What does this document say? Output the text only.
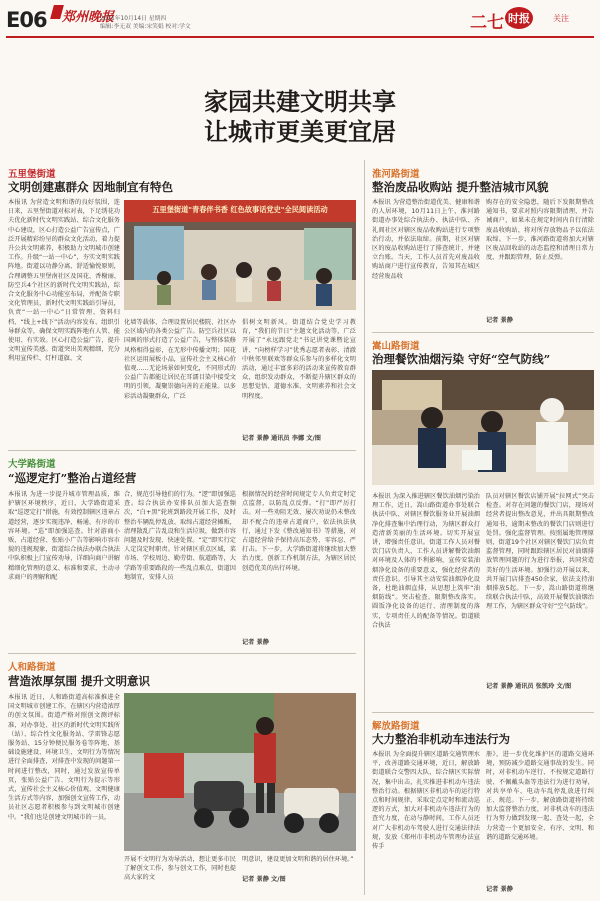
E06 郑州晚报
2021年10月14日 星期四
编辑:李无双 美编:宋笑娟 校对:学文	二七 时报	关注
家园共建文明共享
让城市更美更宜居
五里堡街道
文明创建惠群众 因地制宜有特色
本报讯 为营造文明和谐的良好氛围，连日来，五里堡街道对标对表，下足绣花功夫优化新时代文明实践站、综合文化服务中心建设，区心打造公益广告宣传点，广泛开展精彩纷呈的群众文化活动，着力提升公共文明素养，积极助力文明城市创建工作。升级“一站一中心”，夯实文明实践阵地。街道以功静分离、舒适愉悦原则，合理调整五里堡南社区及国花、香榭丽、防空兵4个社区的新时代文明实践站，综合文化服务中心功能室布局，并配备专职文化管理员，新时代文明实践站引导员，负责“一站一中心”日常管理、资料归档、“线上+线下”活动内容发布、组织引导群众等，确保文明实践阵地有人管、能使用、有实效。区心打造公益广告，提升文明宣传美感。街道突出美观精细，充分利用宣传栏、灯杆道旗、文
五里堡街道"青春伴书香 红色故事话党史"全民阅读活动
化墙等载体，合理设置居民楼院、社区办公区域内的各类公益广告。防空兵社区以国画的形式打造了公益广告，与整体装修风格相得益彰，在无形中传播文明；国花社区运用展板小品，宣传社会主义核心价值观……无论场景如何变化，不同形式的公益广告都能让居民在耳濡目染中接受文明的引领，凝聚崇德向善的正能量。以多彩活动凝聚群众，广泛
倡树文明新风。街道结合党史学习教育，“我们的节日”主题文化活动等，广泛开展了“永远跟党走”书记讲党课暨论宣讲、“向榜样学习”优秀志愿者表彰、清澈中秋邻里联欢等群众乐参与的多样化文明活动，通过丰富多彩的活动来宣传教育群众，组织发动群众，不断提升辖区群众的思想觉悟、道德水准、文明素养和社会文明程度。
记者 景静 通讯员 李娜 文/图
大学路街道
“巡逻定打”整治占道经营
本报讯 为进一步提升城市管理品质，维护辖区环境秩序，近日，大学路街道采取“巡逻定打”措施，有效控制辖区违章占道经营，逐步实现违净、畅通、有序的市容环境。“巡”即加强巡查。针对游商小贩、占道经营、张贴小广告等影响市容市貌的违规现象，街道综合执法办联合执法中队积极上门宣传劝导，详细向商户讲解精细化管理的意义、标准和要求，主动寻求商户的理解和配
合，规范引导他们的行为。“逻”即加强巡查。综合执法办安排队员加大巡查频次，“白+黑”轮班到路段开展工作，及时整治车辆乱停乱放、取缔占道经营摊贩，清理散乱广告乱设和生活垃圾，做到市容问题及时发现、快速处置。“定”即实行定人定岗定时职责。针对辖区重点区域，菜市场、学校周边、勤劳街、航道路等，大学路等重要路段的一些乱点难点，街道因地制宜，安排人员
根据情况的经营时间规定专人负责定时定点监督，以防乱点反弹。“打”即严厉打击。对一些劝阻无效、屡次劝说仍未整改却不配合的违章占道商户，依法执法执行，通过下发《整改通知书》等措施，对占道经营给予保持高压态势、零容忍、严打击。下一步，大学路街道将继续加大整治力度，创新工作机制方法，为辖区居民创造优美的出行环境。
记者 景静
人和路街道
营造浓厚氛围 提升文明意识
本报讯 近日，人和路街道高标准推进全国文明城市创建工作，在辖区内营造浓厚的创文氛围。街道严格对照创文测评标准，对办事处、社区的新时代文明实践所（站）、综合性文化服务站、学雷锋志愿服务站、15分钟便民服务卷等阵地、基础设施建设、环境卫生、文明行为等情况进行全面排查，对排查中发现的问题第一时间进行整改，同时，通过发放宣传单页，张贴公益广告、文明行为提示等形式，宣传社会主义核心价值观、文明健康生活方式等内容，加强创文宣传工作，动员社区志愿者积极参与到文明城市创建中。“我们也是创建文明城市的一员，
开展不文明行为劝导活动，想让更多市民了解创文工作，参与创文工作，同时也提高大家的文
明意识，建设更加文明和谐的居住环境。”
记者 景静 文/图
淮河路街道
整治废品收购站 提升整洁城市风貌
本报讯 为营造整治街道优美、健康和谐的人居环境，10月11日上午，淮河路街道办事处综合执法办、执法中队、齐礼阎社区对辖区废品收购站进行专项整治行动，并依法取缔。前期，社区对辖区的废品收购站进行了排查统计，并建立台账。当天，工作人员首先对废品收购站商户进行宣传教育，告知其在城区经营废品收
购存在的安全隐患，随后下发限期整改通知书，要求对照内容限期清理，并告诫商户，如果未在规定时间内自行清除废品收购站，将对所存放物品予以依法取缔。下一步，淮河路街道将加大对辖区废品回收站的动态监控和清理日常力度，并跟踪管理，防止反弹。
记者 景静
嵩山路街道
治理餐饮油烟污染 守好“空气防线”
本报讯 为深入推进辖区餐饮油烟污染治理工作，近日，嵩山路街道办事处联合执法中队、对辖区餐饮服务业开展油烟净化排查集中治理行动，为辖区群众打造清新美丽的生活环境。切实开展宣讲，增强责任意识。街道工作人员对餐饮门店负责人、工作人员讲解餐饮油烟对环境及人体的不利影响，宣传安装油烟净化设备的重要意义，强化经营者的责任意识。引导其主动安装油烟净化设备，杜绝油烟直排，从思想上筑牢“油烟防线”。突击检查，限期整改落实。圆饭净化设备的运行、清理制度的落实，专项责任人的配备等情况。街道联合执法
队员对辖区餐饮店铺开展“拉网式”突击检查。对存在问题的餐饮门店，现场对经营者提出整改意见，并出具限期整改通知书，逾期未整改的餐饮门店则进行处罚。强化监督管理。按照属地管理原则，街道19个社区对辖区餐饮门店负责监督管理，同时跟踪辖区居民对油烟排放管理问题的行为进行举报，共同营造美好的生活环境。加强行动开展以来，共开展门店排查450余家，依法支持油烟排放5起。下一步，嵩山路街道将继续联合执法中队，高效开展餐饮油烟治理工作，为辖区群众守好“空气防线”。
记者 景静 通讯员 张凯玲 文/图
解放路街道
大力整治非机动车违法行为
本报讯 为全面提升辖区道路交通管理水平，改善道路交通环境，近日，解放路街道联合交警四大队，综合辖区实际情况，集中出击，扎实推进非机动车违法整治行动。根据辖区非机动车的运行特点和时间规律，采取定点定时和流动巡逻的方式，加大对非机动车违法行为的查究力度，在动与静时间，工作人员还对广大非机动车驾驶人进行交通法律法规，发放《郑州市非机动车管理办法宣传手
册》，进一步优化维护区的道路交通环境，预防减少道路交通事故的发生。同时，对非机动车逆行、不按规定道路行驶、不佩戴头盔等违法行为进行劝导，对共享单车、电动车乱停乱放进行纠正、规范。下一步，解放路街道将持续加大监督整治力度，对非机动车的违法行为努力做到发现一起、查处一起，全力营造一个更加安全、有序、文明、和谐的道路交通环境。
记者 景静
